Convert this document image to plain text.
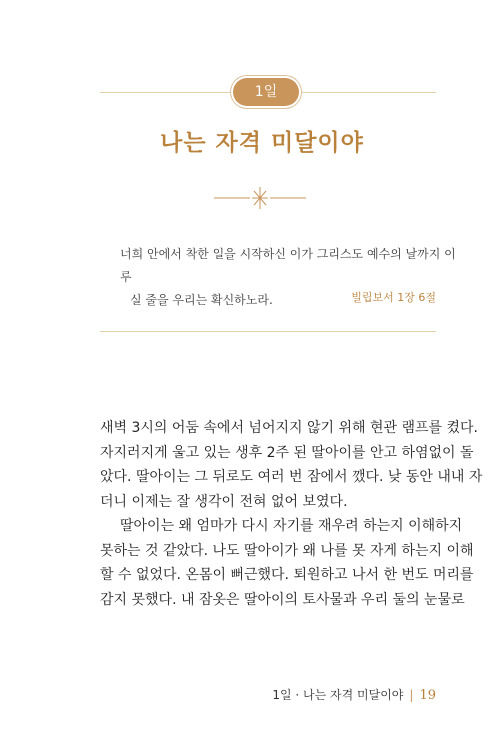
1일
나는 자격 미달이야

너희 안에서 착한 일을 시작하신 이가 그리스도 예수의 날까지 이루

실 줄을 우리는 확신하노라.	빌립보서 1장 6절
새벽 3시의 어둠 속에서 넘어지지 않기 위해 현관 램프를 켰다.
자지러지게 울고 있는 생후 2주 된 딸아이를 안고 하염없이 돌
았다. 딸아이는 그 뒤로도 여러 번 잠에서 깼다. 낮 동안 내내 자
더니 이제는 잘 생각이 전혀 없어 보였다.
딸아이는 왜 엄마가 다시 자기를 재우려 하는지 이해하지
못하는 것 같았다. 나도 딸아이가 왜 나를 못 자게 하는지 이해
할 수 없었다. 온몸이 뻐근했다. 퇴원하고 나서 한 번도 머리를
감지 못했다. 내 잠옷은 딸아이의 토사물과 우리 둘의 눈물로
1일 · 나는 자격 미달이야 | 19
